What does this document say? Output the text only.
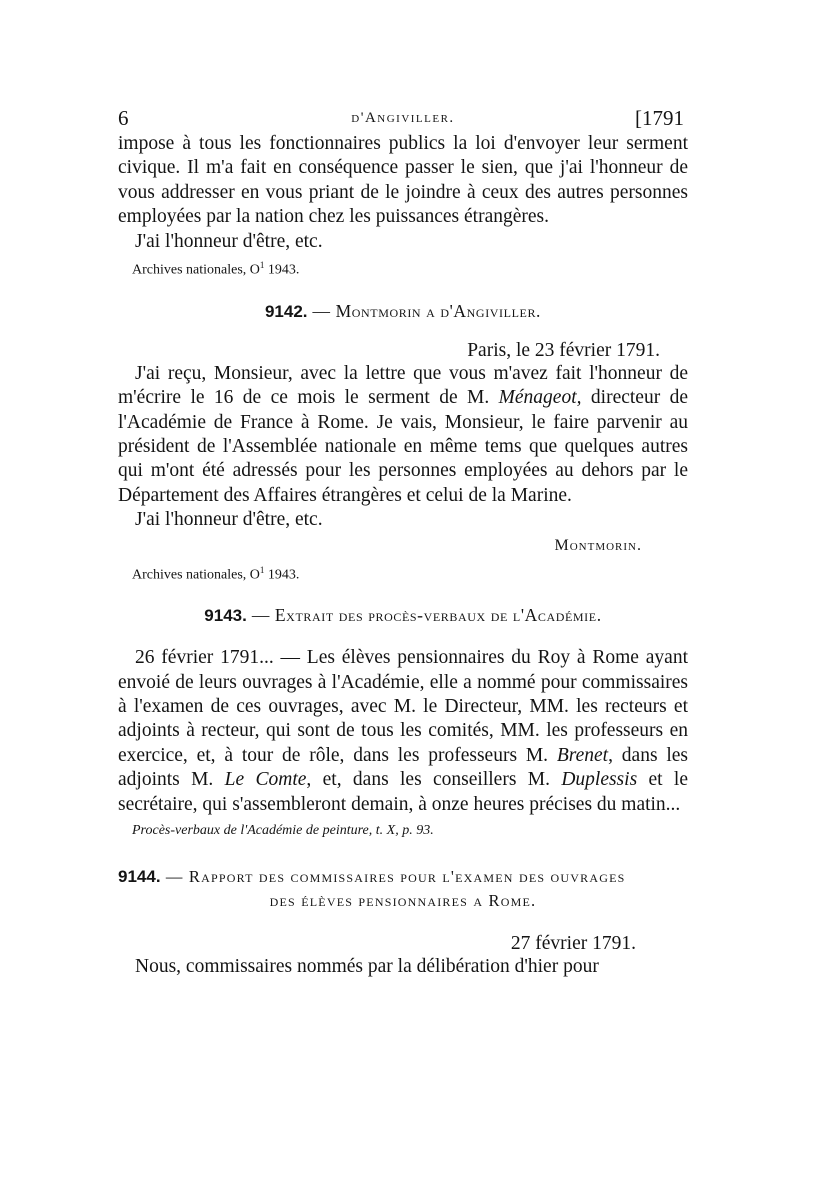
6	d'Angiviller.	[1791

impose à tous les fonctionnaires publics la loi d'envoyer leur serment civique. Il m'a fait en conséquence passer le sien, que j'ai l'honneur de vous addresser en vous priant de le joindre à ceux des autres personnes employées par la nation chez les puissances étrangères.

J'ai l'honneur d'être, etc.

Archives nationales, $O^1$ 1943.

9142. — Montmorin a d'Angiviller.

Paris, le 23 février 1791.

J'ai reçu, Monsieur, avec la lettre que vous m'avez fait l'honneur de m'écrire le 16 de ce mois le serment de M. Ménageot, directeur de l'Académie de France à Rome. Je vais, Monsieur, le faire parvenir au président de l'Assemblée nationale en même tems que quelques autres qui m'ont été adressés pour les personnes employées au dehors par le Département des Affaires étrangères et celui de la Marine.

J'ai l'honneur d'être, etc.

Montmorin.

Archives nationales, $O^1$ 1943.

9143. — Extrait des procès-verbaux de l'Académie.

26 février 1791... — Les élèves pensionnaires du Roy à Rome ayant envoié de leurs ouvrages à l'Académie, elle a nommé pour commissaires à l'examen de ces ouvrages, avec M. le Directeur, MM. les recteurs et adjoints à recteur, qui sont de tous les comités, MM. les professeurs en exercice, et, à tour de rôle, dans les professeurs M. Brenet, dans les adjoints M. Le Comte, et, dans les conseillers M. Duplessis et le secrétaire, qui s'assembleront demain, à onze heures précises du matin...

Procès-verbaux de l'Académie de peinture, t. X, p. 93.

9144. — Rapport des commissaires pour l'examen des ouvrages
des élèves pensionnaires a Rome.

27 février 1791.

Nous, commissaires nommés par la délibération d'hier pour
